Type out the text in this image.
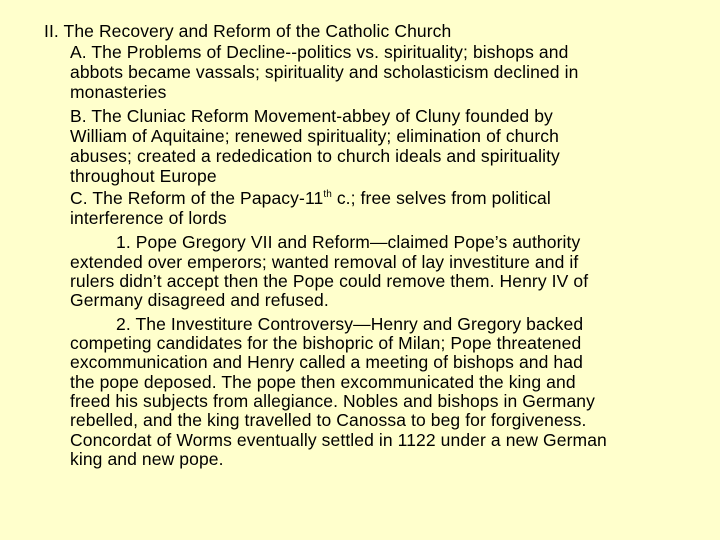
II. The Recovery and Reform of the Catholic Church
A. The Problems of Decline--politics vs. spirituality; bishops and
abbots became vassals; spirituality and scholasticism declined in
monasteries
B. The Cluniac Reform Movement-abbey of Cluny founded by
William of Aquitaine; renewed spirituality; elimination of church
abuses; created a rededication to church ideals and spirituality
throughout Europe
C. The Reform of the Papacy-11th c.; free selves from political
interference of lords
1. Pope Gregory VII and Reform—claimed Pope’s authority
extended over emperors; wanted removal of lay investiture and if
rulers didn’t accept then the Pope could remove them. Henry IV of
Germany disagreed and refused.
2. The Investiture Controversy—Henry and Gregory backed
competing candidates for the bishopric of Milan; Pope threatened
excommunication and Henry called a meeting of bishops and had
the pope deposed. The pope then excommunicated the king and
freed his subjects from allegiance. Nobles and bishops in Germany
rebelled, and the king travelled to Canossa to beg for forgiveness.
Concordat of Worms eventually settled in 1122 under a new German
king and new pope.
